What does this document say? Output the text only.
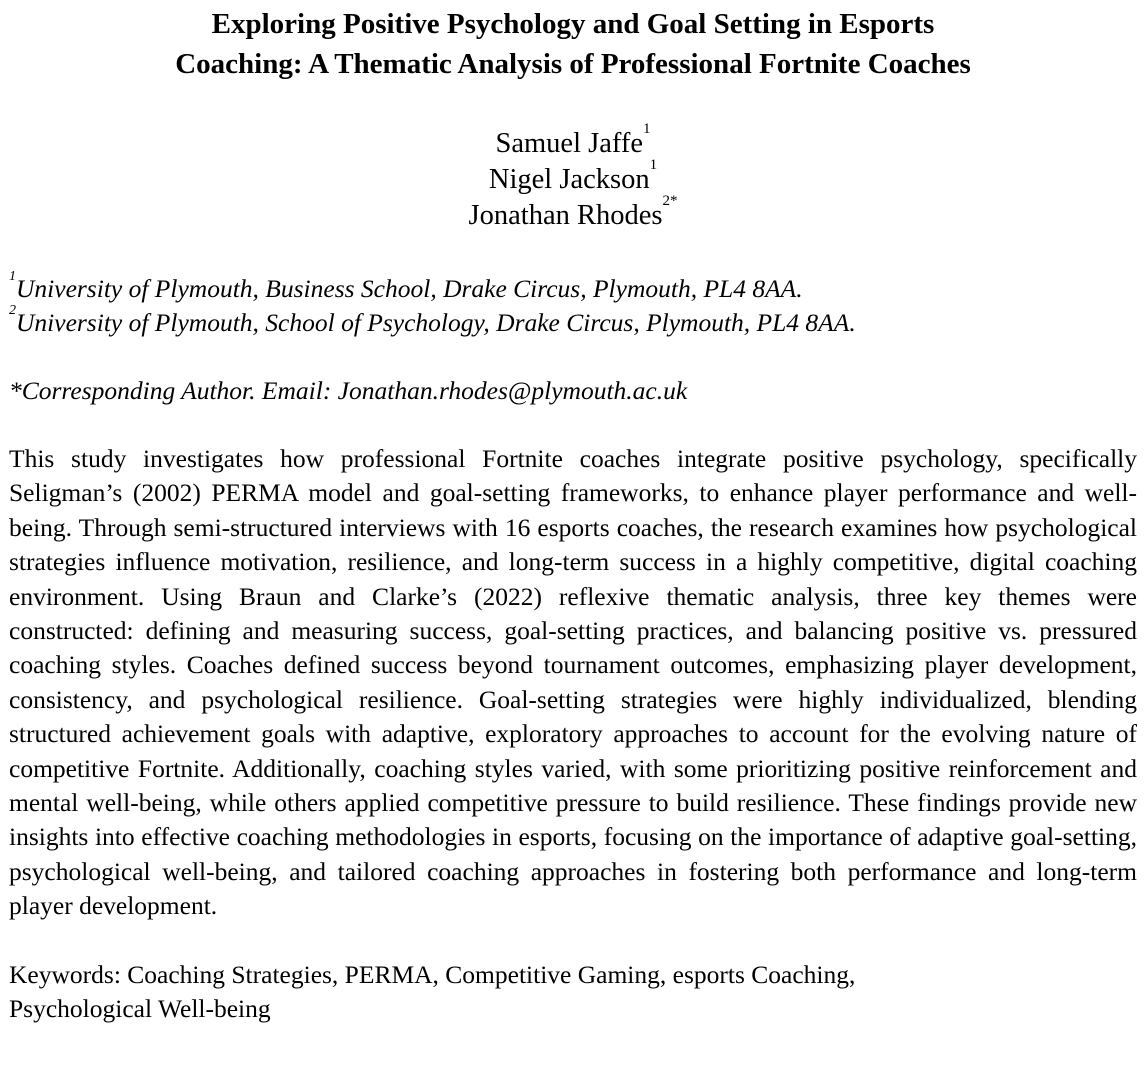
Exploring Positive Psychology and Goal Setting in Esports
Coaching: A Thematic Analysis of Professional Fortnite Coaches
Samuel Jaffe$^1$
Nigel Jackson$^1$
Jonathan Rhodes$^{2*}$
$^1$University of Plymouth, Business School, Drake Circus, Plymouth, PL4 8AA.
$^2$University of Plymouth, School of Psychology, Drake Circus, Plymouth, PL4 8AA.
*Corresponding Author. Email: Jonathan.rhodes@plymouth.ac.uk

This study investigates how professional Fortnite coaches integrate positive psychology, specifically Seligman’s (2002) PERMA model and goal-setting frameworks, to enhance player performance and well-being. Through semi-structured interviews with 16 esports coaches, the research examines how psychological strategies influence motivation, resilience, and long-term success in a highly competitive, digital coaching environment. Using Braun and Clarke’s (2022) reflexive thematic analysis, three key themes were constructed: defining and measuring success, goal-setting practices, and balancing positive vs. pressured coaching styles. Coaches defined success beyond tournament outcomes, emphasizing player development, consistency, and psychological resilience. Goal-setting strategies were highly individualized, blending structured achievement goals with adaptive, exploratory approaches to account for the evolving nature of competitive Fortnite. Additionally, coaching styles varied, with some prioritizing positive reinforcement and mental well-being, while others applied competitive pressure to build resilience. These findings provide new insights into effective coaching methodologies in esports, focusing on the importance of adaptive goal-setting, psychological well-being, and tailored coaching approaches in fostering both performance and long-term player development.

Keywords: Coaching Strategies, PERMA, Competitive Gaming, esports Coaching,
Psychological Well-being
